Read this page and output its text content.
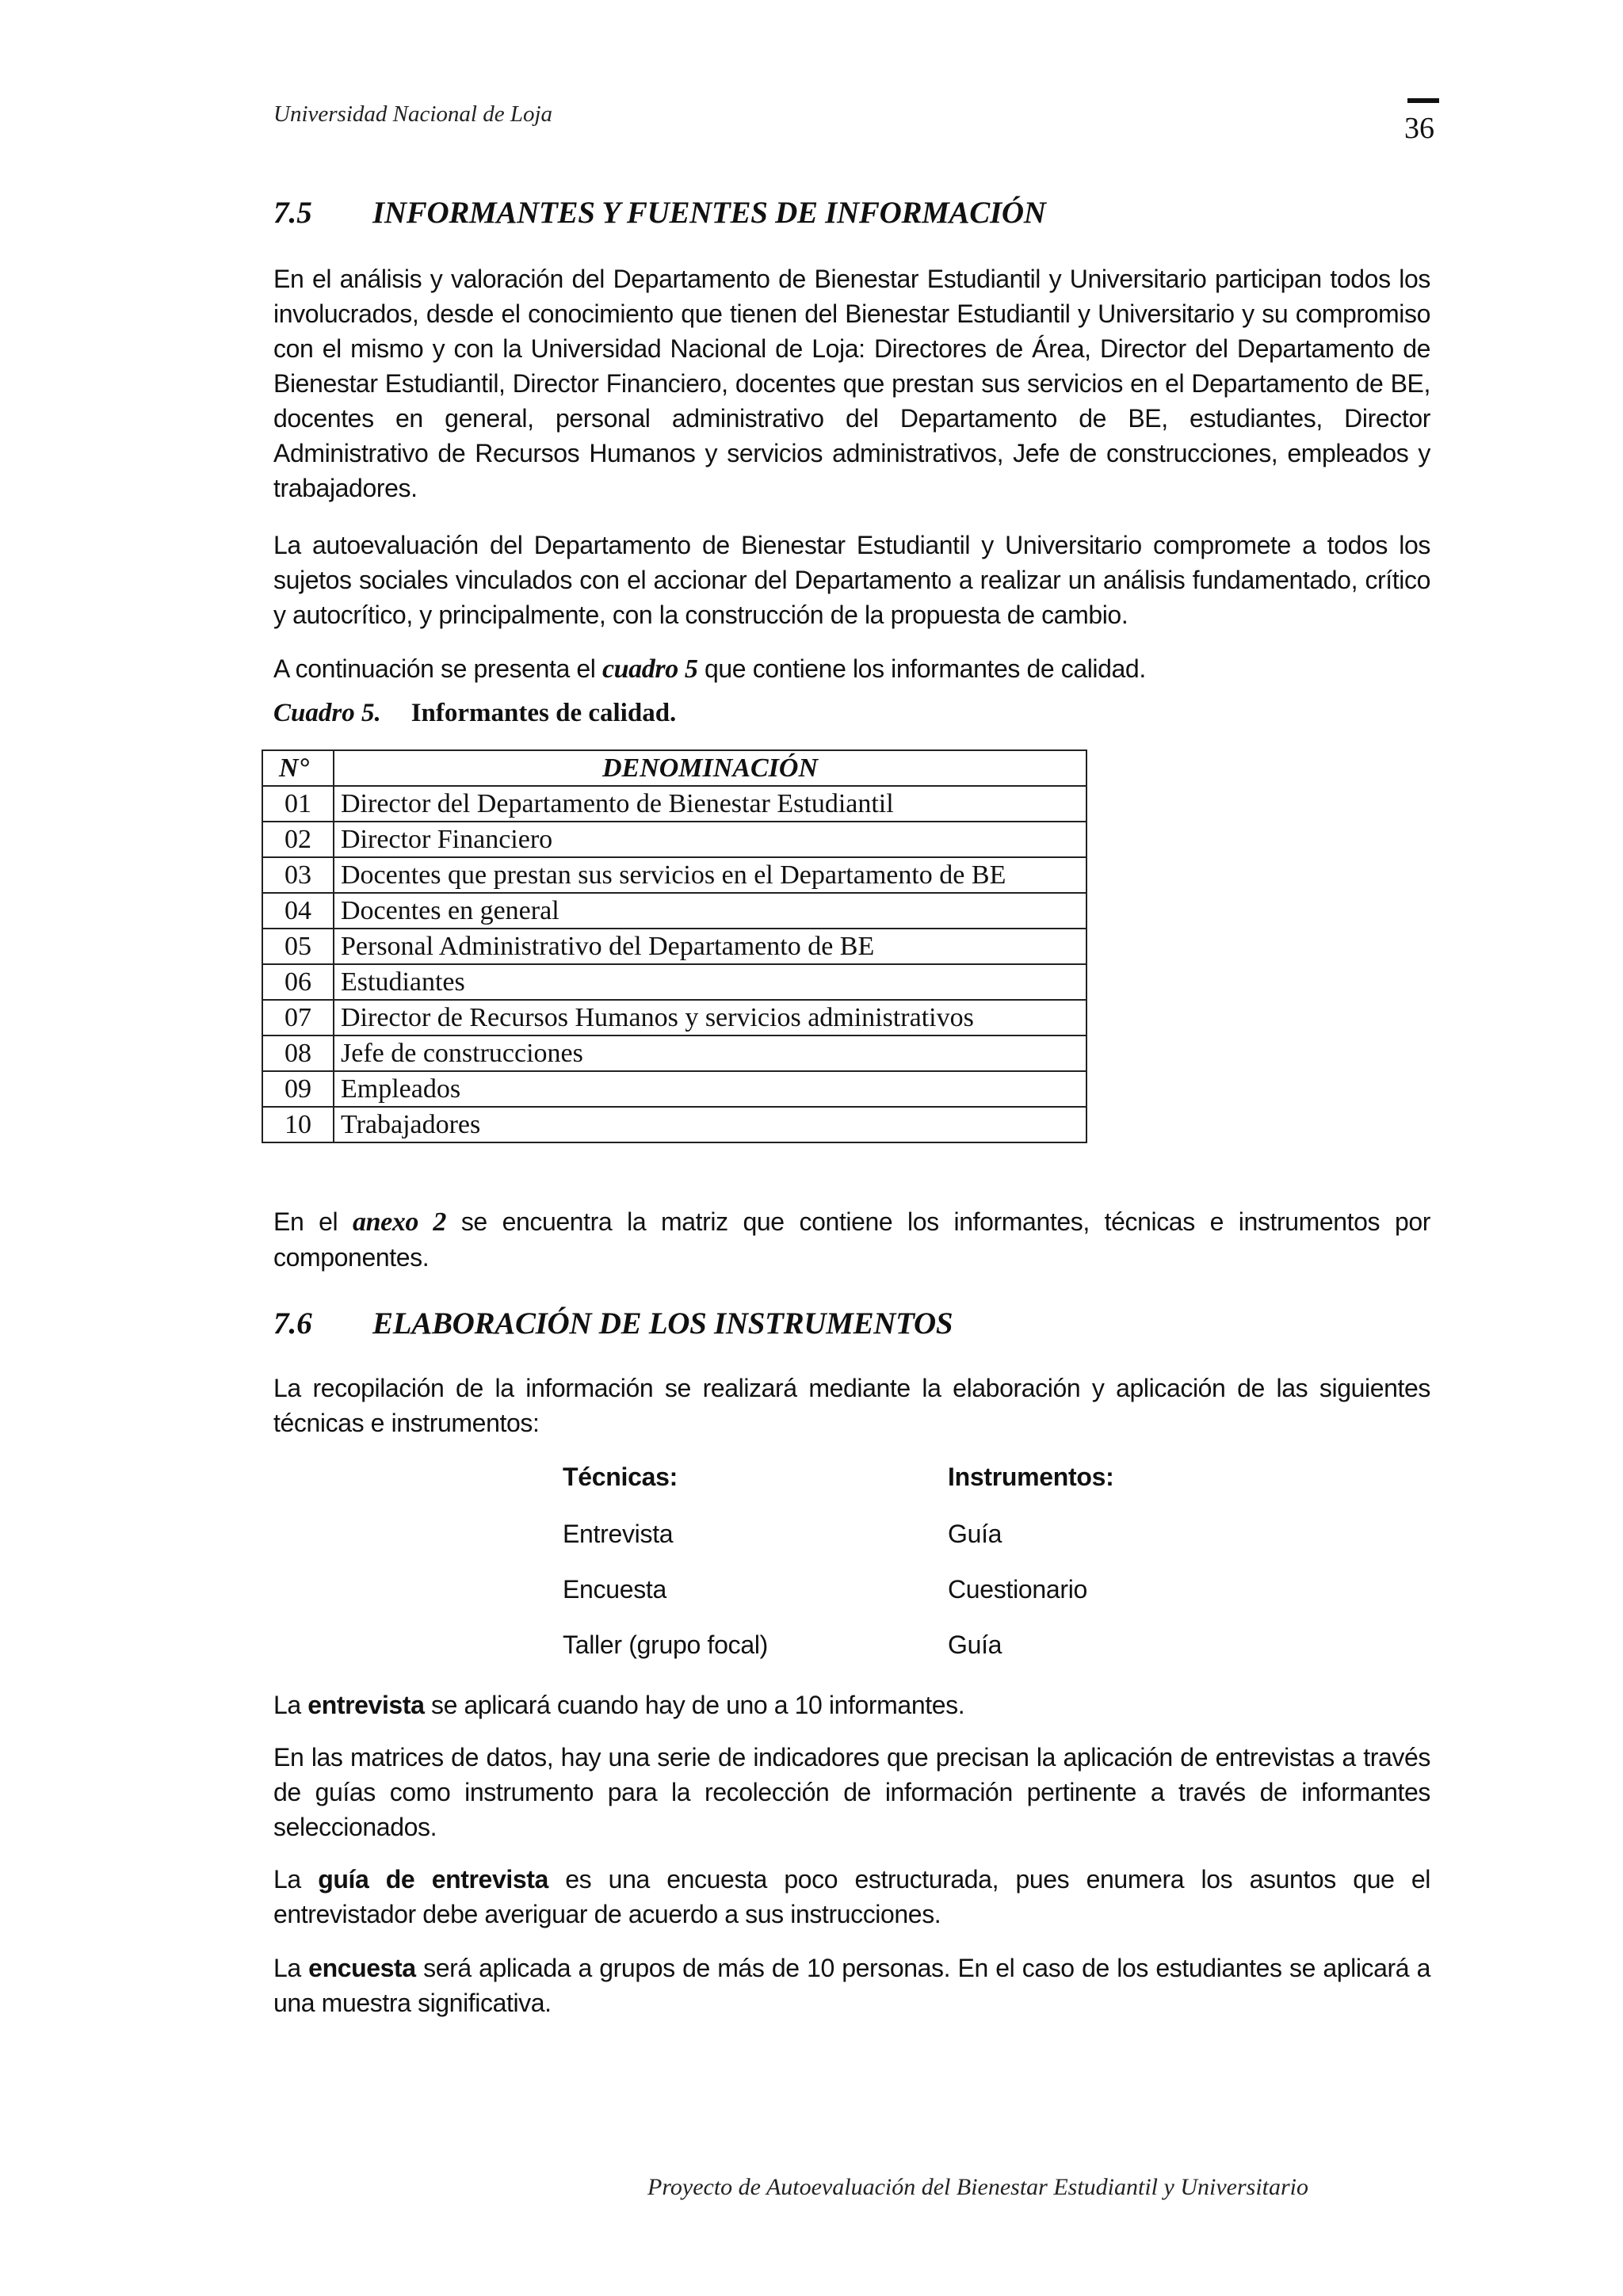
Universidad Nacional de Loja	36
7.5 INFORMANTES Y FUENTES DE INFORMACIÓN

En el análisis y valoración del Departamento de Bienestar Estudiantil y Universitario participan todos los involucrados, desde el conocimiento que tienen del Bienestar Estudiantil y Universitario y su compromiso con el mismo y con la Universidad Nacional de Loja: Directores de Área, Director del Departamento de Bienestar Estudiantil, Director Financiero, docentes que prestan sus servicios en el Departamento de BE, docentes en general, personal administrativo del Departamento de BE, estudiantes, Director Administrativo de Recursos Humanos y servicios administrativos, Jefe de construcciones, empleados y trabajadores.

La autoevaluación del Departamento de Bienestar Estudiantil y Universitario compromete a todos los sujetos sociales vinculados con el accionar del Departamento a realizar un análisis fundamentado, crítico y autocrítico, y principalmente, con la construcción de la propuesta de cambio.

A continuación se presenta el cuadro 5 que contiene los informantes de calidad.

Cuadro 5. Informantes de calidad.
N°	DENOMINACIÓN
01	Director del Departamento de Bienestar Estudiantil
02	Director Financiero
03	Docentes que prestan sus servicios en el Departamento de BE
04	Docentes en general
05	Personal Administrativo del Departamento de BE
06	Estudiantes
07	Director de Recursos Humanos y servicios administrativos
08	Jefe de construcciones
09	Empleados
10	Trabajadores

En el anexo 2 se encuentra la matriz que contiene los informantes, técnicas e instrumentos por componentes.

7.6 ELABORACIÓN DE LOS INSTRUMENTOS

La recopilación de la información se realizará mediante la elaboración y aplicación de las siguientes técnicas e instrumentos:

Técnicas:	Instrumentos:
Entrevista	Guía
Encuesta	Cuestionario
Taller (grupo focal)	Guía

La entrevista se aplicará cuando hay de uno a 10 informantes.

En las matrices de datos, hay una serie de indicadores que precisan la aplicación de entrevistas a través de guías como instrumento para la recolección de información pertinente a través de informantes seleccionados.

La guía de entrevista es una encuesta poco estructurada, pues enumera los asuntos que el entrevistador debe averiguar de acuerdo a sus instrucciones.

La encuesta será aplicada a grupos de más de 10 personas. En el caso de los estudiantes se aplicará a una muestra significativa.

Proyecto de Autoevaluación del Bienestar Estudiantil y Universitario
